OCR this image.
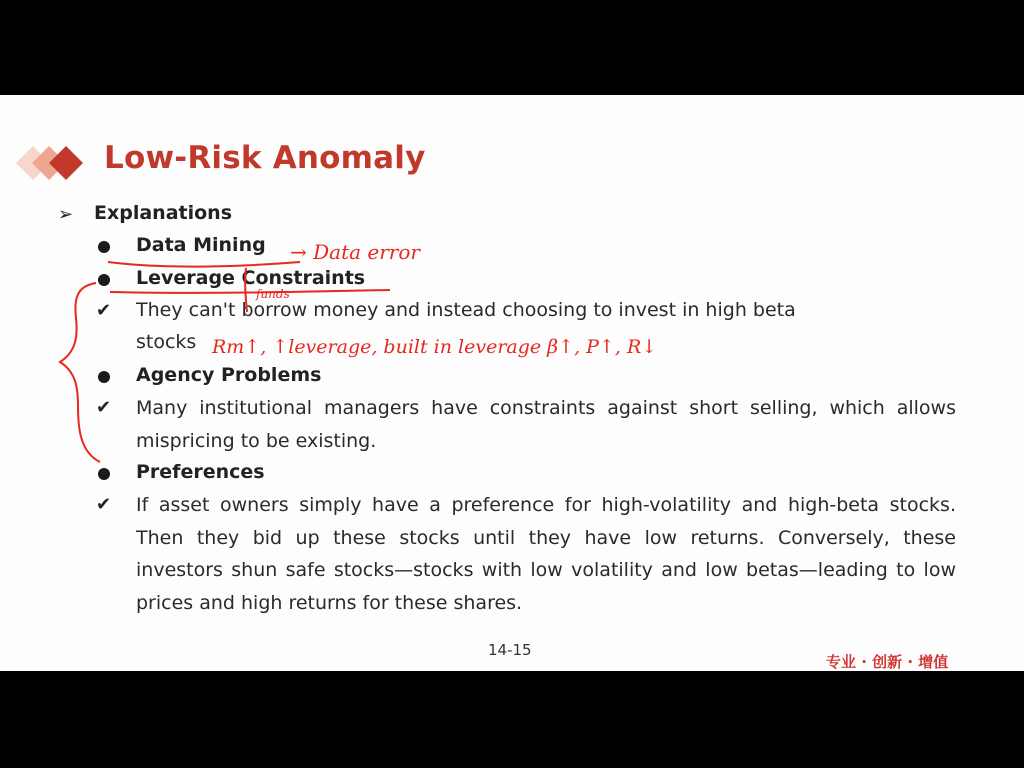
Low-Risk Anomaly
➢ Explanations
Data Mining
Leverage Constraints
✔ They can't borrow money and instead choosing to invest in high beta
stocks
Agency Problems
✔ Many institutional managers have constraints against short selling, which allows mispricing to be existing.
Preferences
✔ If asset owners simply have a preference for high-volatility and high-beta stocks. Then they bid up these stocks until they have low returns. Conversely, these investors shun safe stocks—stocks with low volatility and low betas—leading to low prices and high returns for these shares.
14-15
专业 · 创新 · 增值
→ Data error
funds
Rm↑, ↑leverage, built in leverage β↑, P↑, R↓
